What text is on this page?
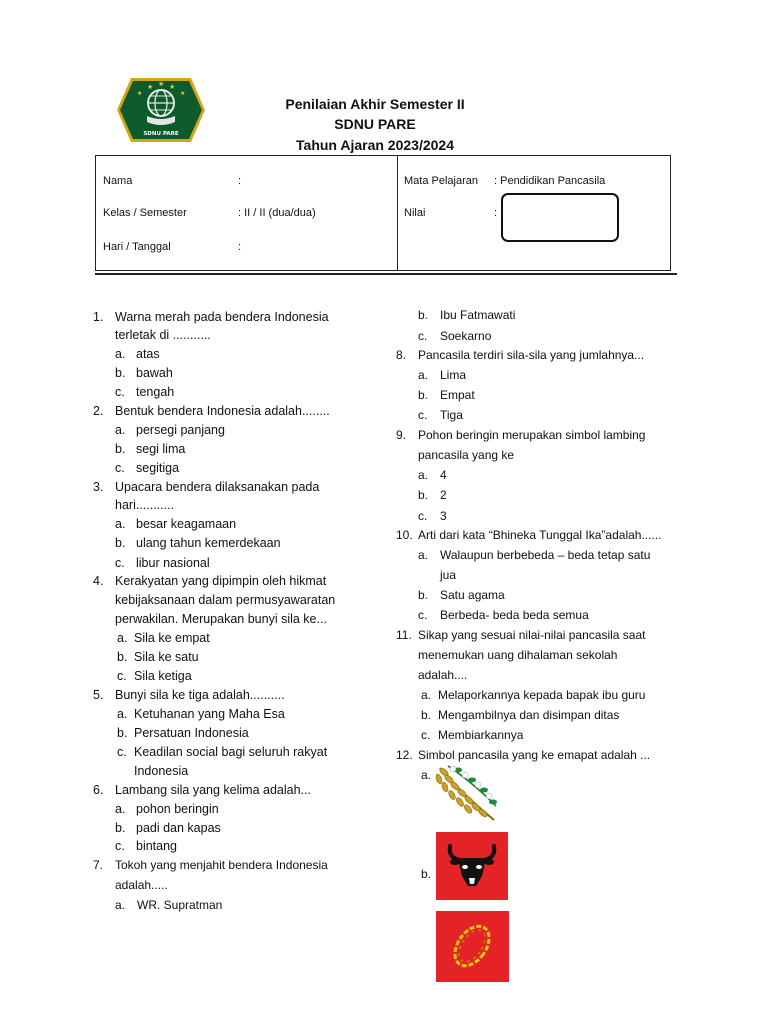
★ ★
★	★
★
SDNU PARE
Penilaian Akhir Semester II
SDNU PARE
Tahun Ajaran 2023/2024
Nama	:
Kelas / Semester	: II / II (dua/dua)
Hari / Tanggal	:
Mata Pelajaran : Pendidikan Pancasila
Nilai	:
1. Warna merah pada bendera Indonesia
terletak di ...........
a. atas
b. bawah
c. tengah
2. Bentuk bendera Indonesia adalah........
a. persegi panjang
b. segi lima
c. segitiga
3. Upacara bendera dilaksanakan pada
hari...........
a. besar keagamaan
b. ulang tahun kemerdekaan
c. libur nasional
4. Kerakyatan yang dipimpin oleh hikmat
kebijaksanaan dalam permusyawaratan
perwakilan. Merupakan bunyi sila ke...
a. Sila ke empat
b. Sila ke satu
c. Sila ketiga
5. Bunyi sila ke tiga adalah..........
a. Ketuhanan yang Maha Esa
b. Persatuan Indonesia
c. Keadilan social bagi seluruh rakyat
Indonesia
6. Lambang sila yang kelima adalah...
a. pohon beringin
b. padi dan kapas
c. bintang
7. Tokoh yang menjahit bendera Indonesia
adalah.....
a. WR. Supratman
b. Ibu Fatmawati
c. Soekarno
8. Pancasila terdiri sila-sila yang jumlahnya...
a. Lima
b. Empat
c. Tiga
9. Pohon beringin merupakan simbol lambing
pancasila yang ke
a. 4
b. 2
c. 3
10. Arti dari kata “Bhineka Tunggal Ika”adalah......
a. Walaupun berbebeda – beda tetap satu
jua
b. Satu agama
c. Berbeda- beda beda semua
11. Sikap yang sesuai nilai-nilai pancasila saat
menemukan uang dihalaman sekolah
adalah....
a. Melaporkannya kepada bapak ibu guru
b. Mengambilnya dan disimpan ditas
c. Membiarkannya
12. Simbol pancasila yang ke emapat adalah ...
a.
b.
